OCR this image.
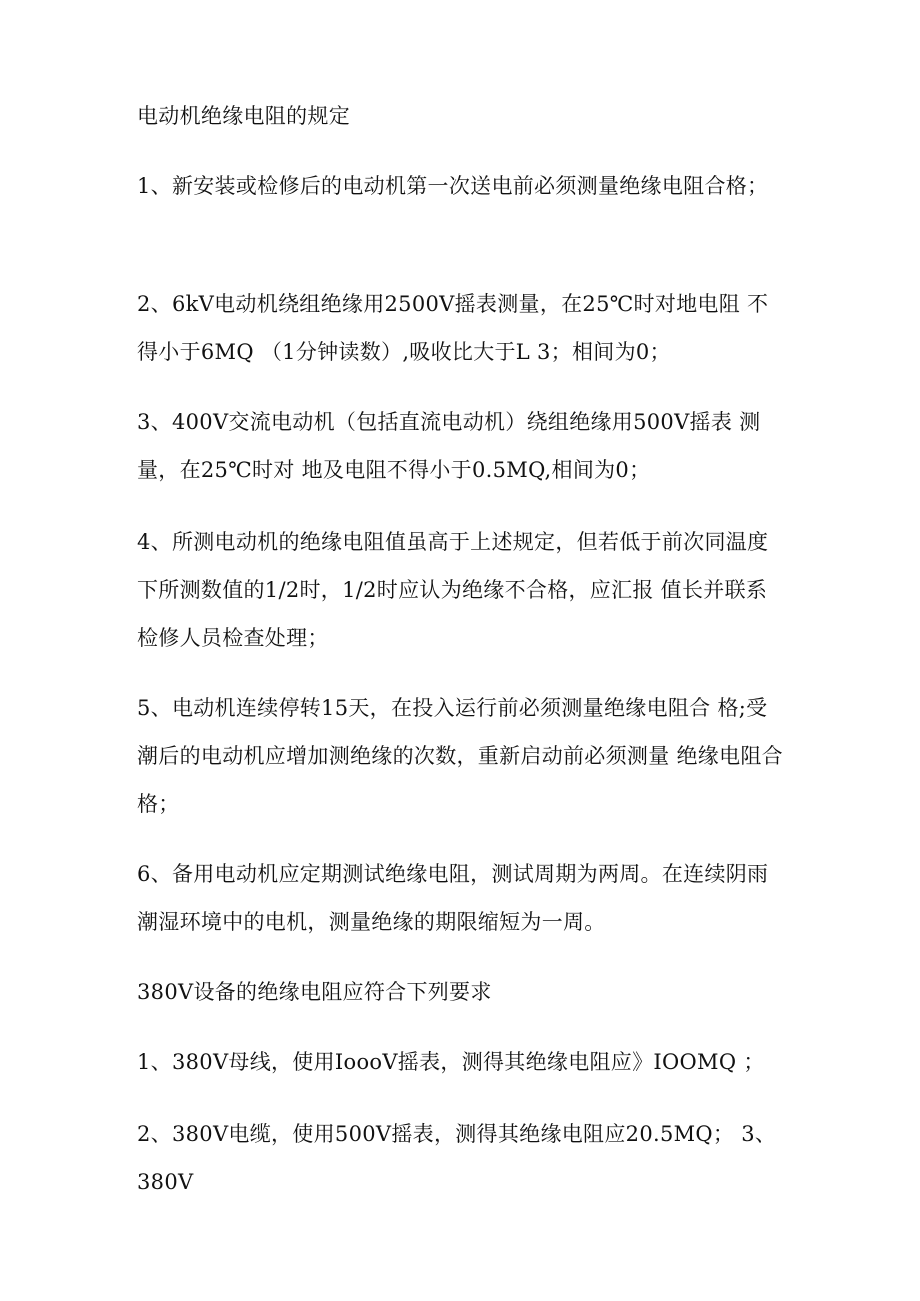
电动机绝缘电阻的规定

1、新安装或检修后的电动机第一次送电前必须测量绝缘电阻合格；

2、6kV电动机绕组绝缘用2500V摇表测量，在25℃时对地电阻 不得小于6MQ （1分钟读数）,吸收比大于L 3；相间为0；

3、400V交流电动机（包括直流电动机）绕组绝缘用500V摇表 测量，在25℃时对 地及电阻不得小于0.5MQ,相间为0；

4、所测电动机的绝缘电阻值虽高于上述规定，但若低于前次同温度下所测数值的1/2时，1/2时应认为绝缘不合格，应汇报 值长并联系检修人员检查处理；

5、电动机连续停转15天，在投入运行前必须测量绝缘电阻合 格;受潮后的电动机应增加测绝缘的次数，重新启动前必须测量 绝缘电阻合格；

6、备用电动机应定期测试绝缘电阻，测试周期为两周。在连续阴雨潮湿环境中的电机，测量绝缘的期限缩短为一周。

380V设备的绝缘电阻应符合下列要求

1、380V母线，使用IoooV摇表，测得其绝缘电阻应》IOOMQ ；

2、380V电缆，使用500V摇表，测得其绝缘电阻应20.5MQ； 3、380V
